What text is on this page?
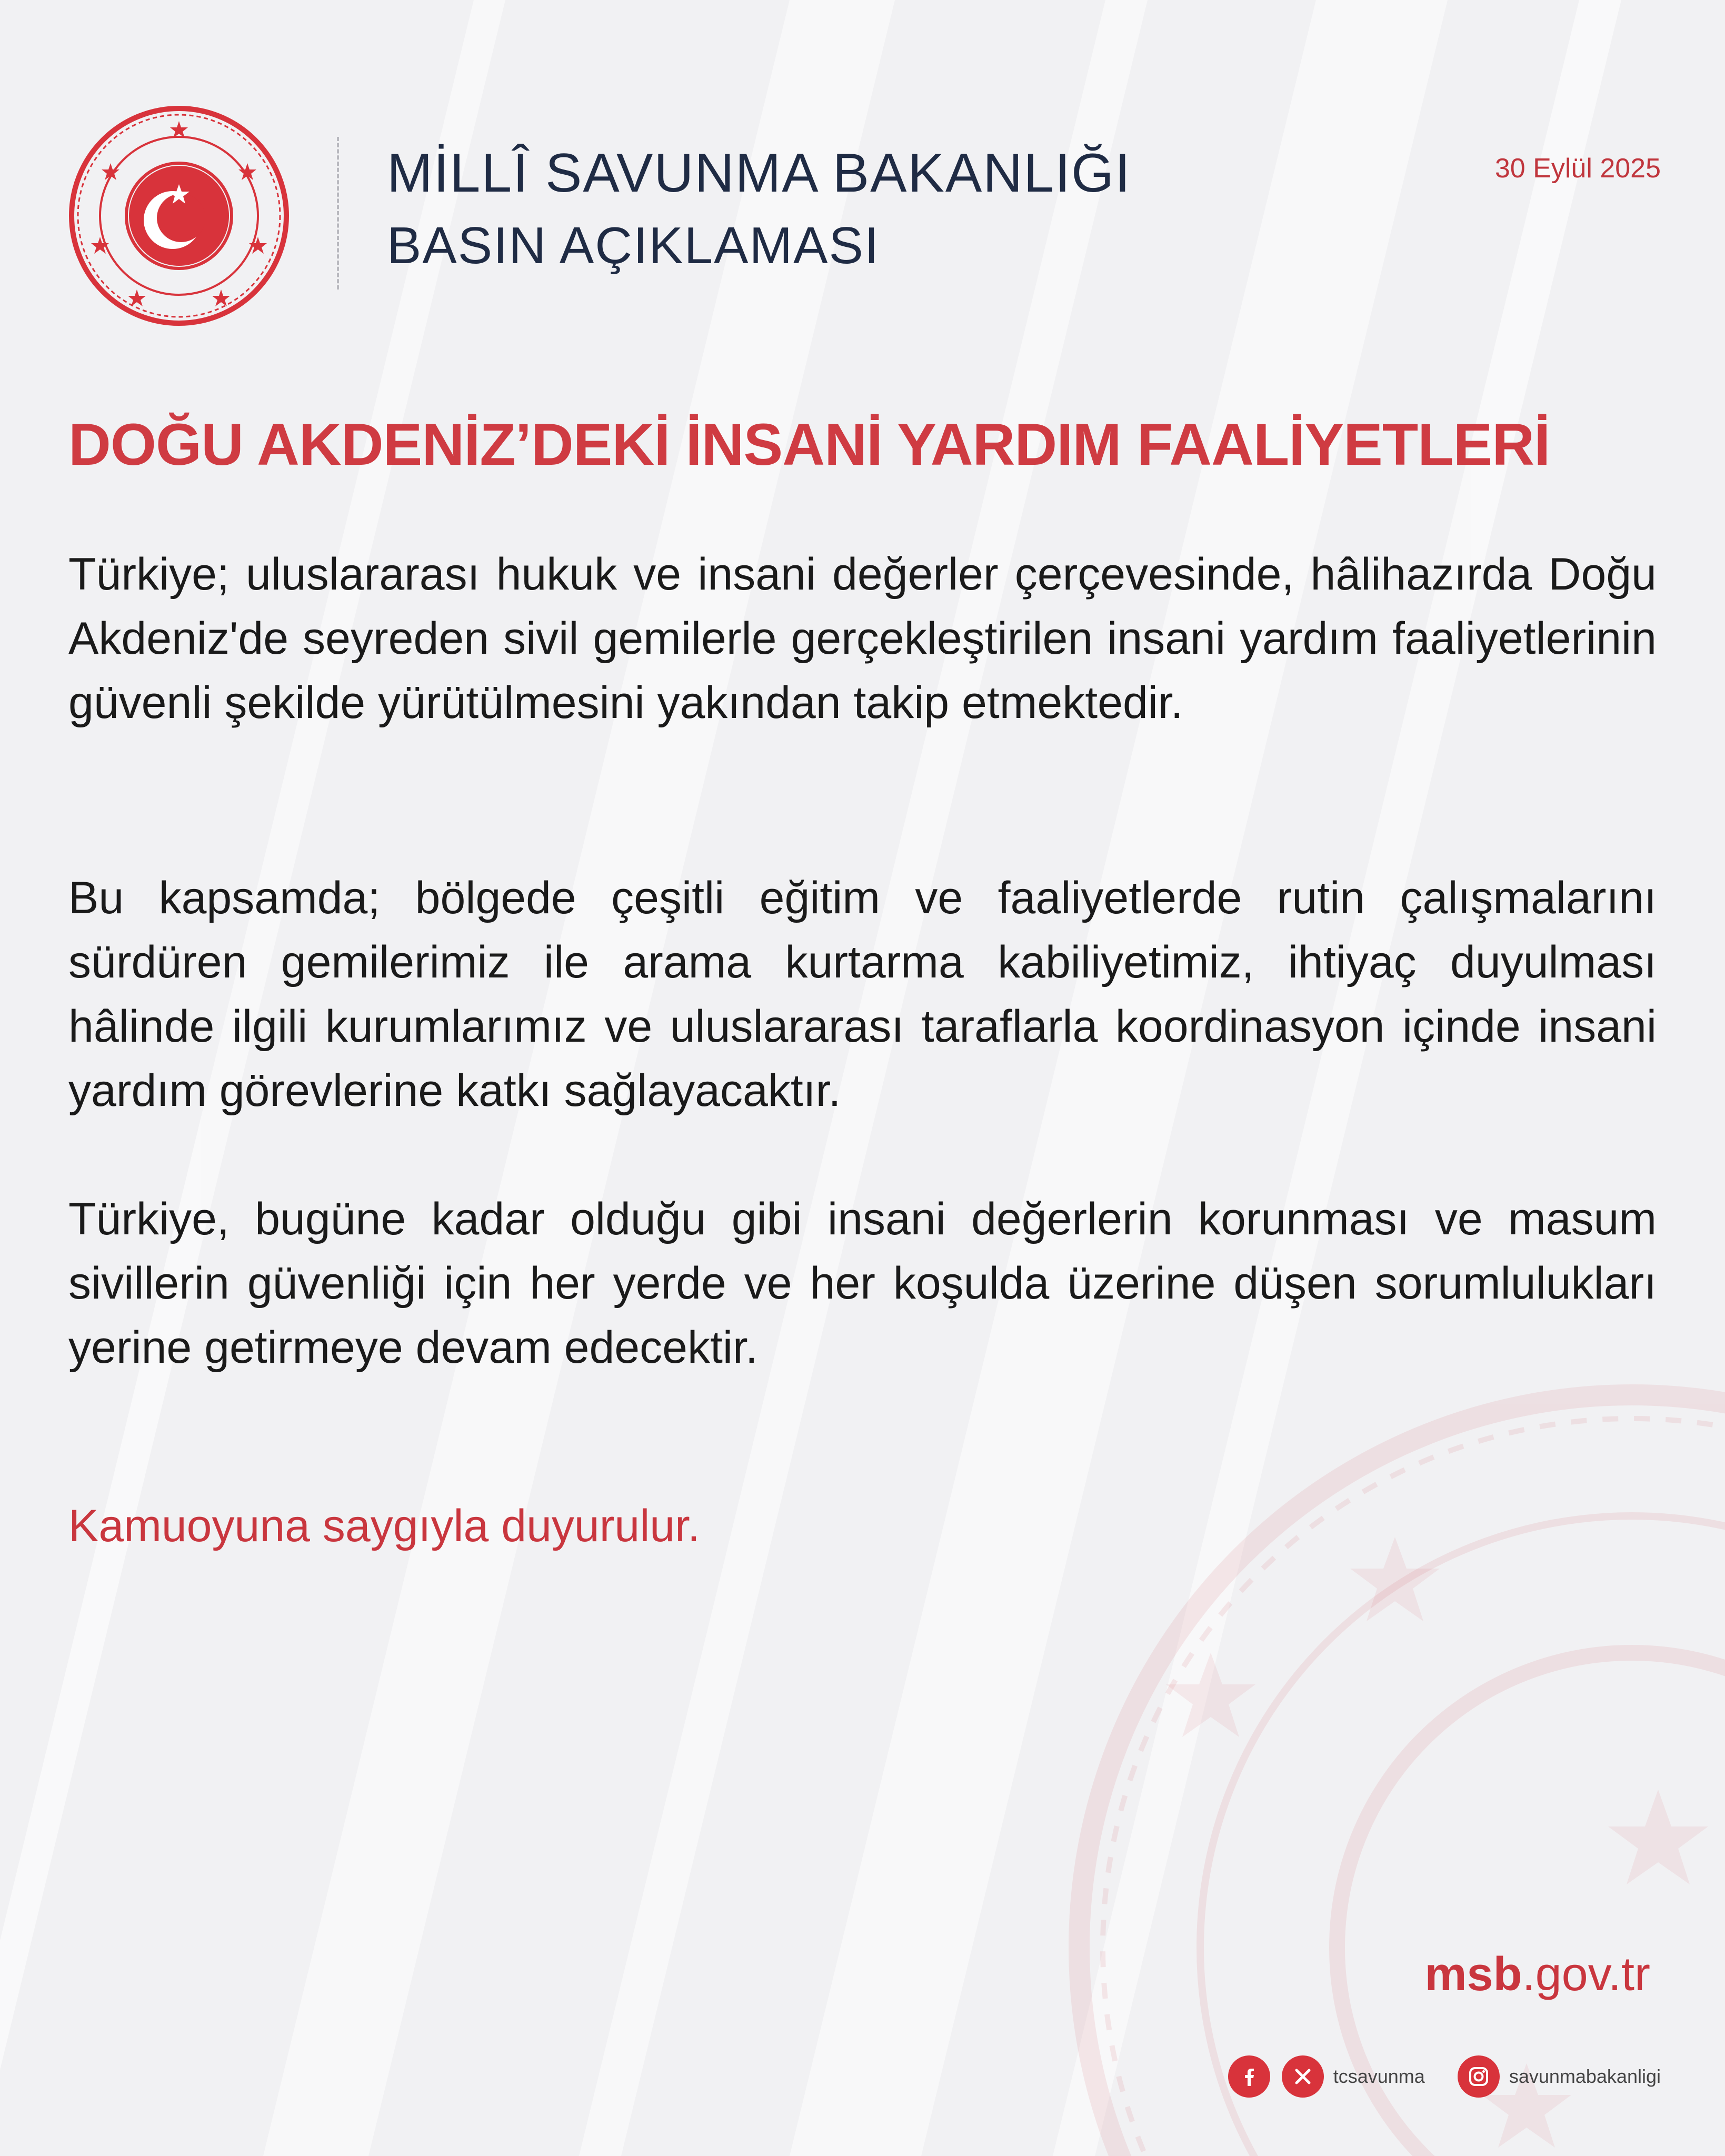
MİLLÎ SAVUNMA BAKANLIĞI
BASIN AÇIKLAMASI
30 Eylül 2025
DOĞU AKDENİZ’DEKİ İNSANİ YARDIM FAALİYETLERİ

Türkiye; uluslararası hukuk ve insani değerler çerçevesinde, hâlihazırda Doğu Akdeniz'de seyreden sivil gemilerle gerçekleştirilen insani yardım faaliyetlerinin güvenli şekilde yürütülmesini yakından takip etmektedir.

Bu kapsamda; bölgede çeşitli eğitim ve faaliyetlerde rutin çalışmalarını sürdüren gemilerimiz ile arama kurtarma kabiliyetimiz, ihtiyaç duyulması hâlinde ilgili kurumlarımız ve uluslararası taraflarla koordinasyon içinde insani yardım görevlerine katkı sağlayacaktır.

Türkiye, bugüne kadar olduğu gibi insani değerlerin korunması ve masum sivillerin güvenliği için her yerde ve her koşulda üzerine düşen sorumlulukları yerine getirmeye devam edecektir.

Kamuoyuna saygıyla duyurulur.
msb.gov.tr
tcsavunma	savunmabakanligi
